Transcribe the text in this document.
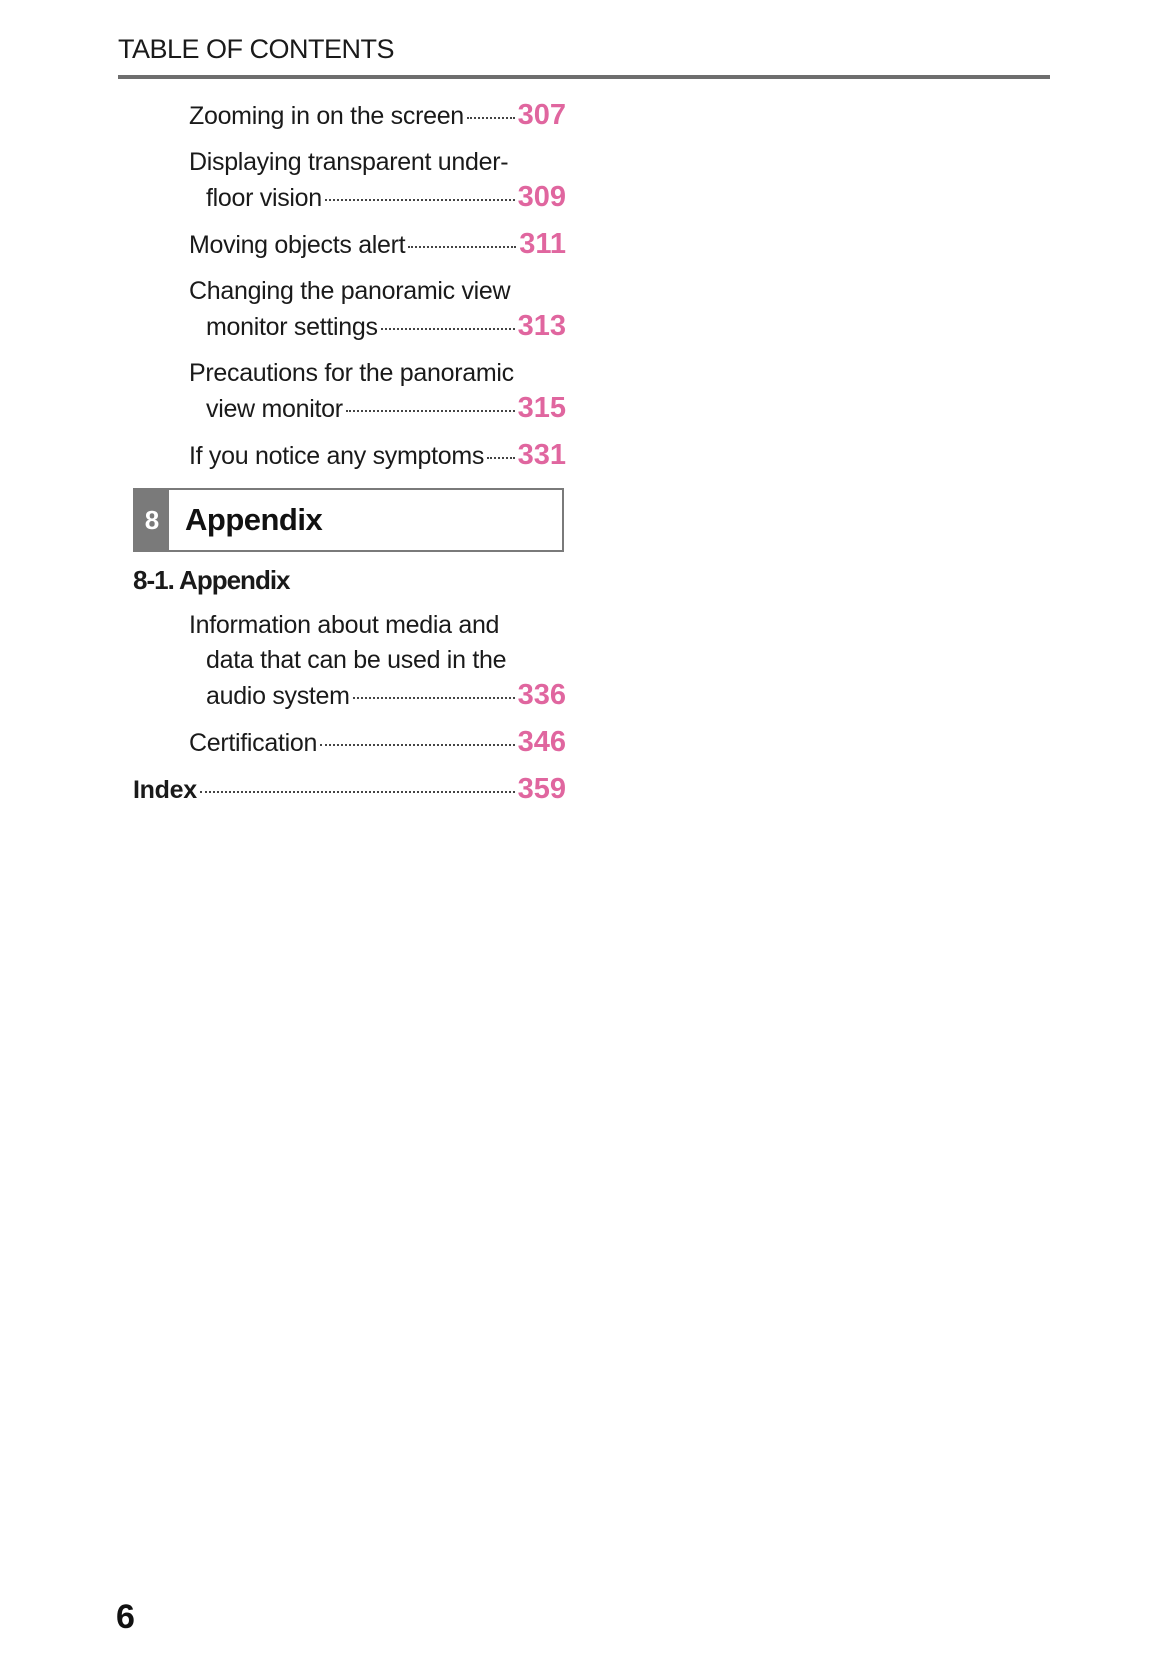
TABLE OF CONTENTS
Zooming in on the screen 307
Displaying transparent under-
floor vision	309
Moving objects alert	311
Changing the panoramic view
monitor settings	313
Precautions for the panoramic
view monitor	315
If you notice any symptoms 331
8 Appendix
8-1. Appendix
Information about media and
data that can be used in the
audio system	336
Certification	346
Index	359
6
